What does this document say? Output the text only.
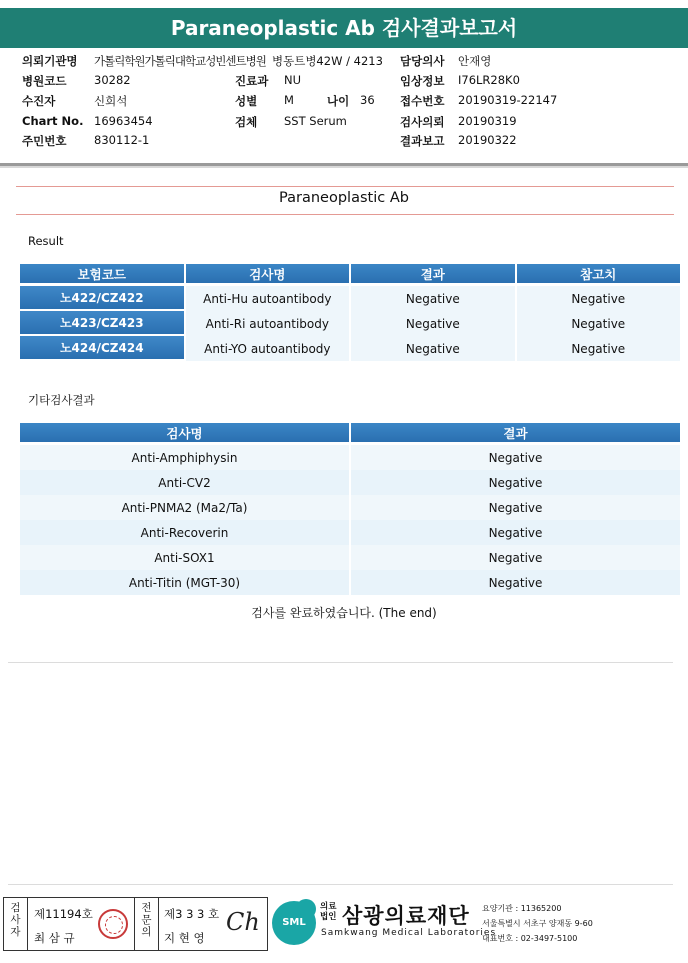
Paraneoplastic Ab 검사결과보고서
의뢰기관명 가톨릭학원가톨릭대학교성빈센트병원 병동트병42W / 4213 담당의사 안재영
병원코드 30282	진료과 NU	임상정보 I76LR28K0
수진자	신희석	성별 M	나이 36 접수번호 20190319-22147
Chart No. 16963454	검체 SST Serum	검사의뢰 20190319
주민번호 830112-1	결과보고 20190322
Paraneoplastic Ab
Result
보험코드	검사명	결과	참고치
노422/CZ422	Anti-Hu autoantibody	Negative	Negative
노423/CZ423	Anti-Ri autoantibody	Negative	Negative
노424/CZ424	Anti-YO autoantibody	Negative	Negative
기타검사결과
검사명	결과
Anti-Amphiphysin	Negative
Anti-CV2	Negative
Anti-PNMA2 (Ma2/Ta)	Negative
Anti-Recoverin	Negative
Anti-SOX1	Negative
Anti-Titin (MGT-30)	Negative
검사를 완료하였습니다. (The end)
검사자
제11194호
최 삼 규
전문의
제3 3 3 호
지 현 영
Ch	SML
의료
법인 삼광의료재단
Samkwang Medical Laboratories
요양기관 : 11365200
서울특별시 서초구 양재동 9-60
대표번호 : 02-3497-5100
